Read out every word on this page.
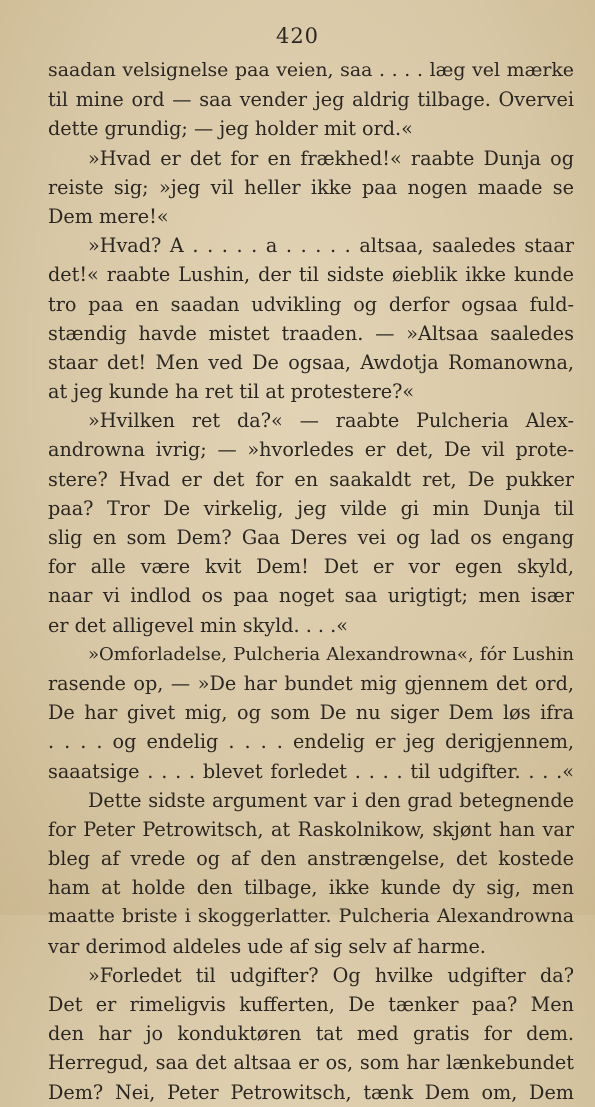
420
saadan velsignelse paa veien, saa . . . . læg vel mærke
til mine ord — saa vender jeg aldrig tilbage. Overvei
dette grundig; — jeg holder mit ord.«
»Hvad er det for en frækhed!« raabte Dunja og
reiste sig; »jeg vil heller ikke paa nogen maade se
Dem mere!«
»Hvad? A . . . . . a . . . . . altsaa, saaledes staar
det!« raabte Lushin, der til sidste øieblik ikke kunde
tro paa en saadan udvikling og derfor ogsaa fuld-
stændig havde mistet traaden. — »Altsaa saaledes
staar det! Men ved De ogsaa, Awdotja Romanowna,
at jeg kunde ha ret til at protestere?«
»Hvilken ret da?« — raabte Pulcheria Alex-
androwna ivrig; — »hvorledes er det, De vil prote-
stere? Hvad er det for en saakaldt ret, De pukker
paa? Tror De virkelig, jeg vilde gi min Dunja til
slig en som Dem? Gaa Deres vei og lad os engang
for alle være kvit Dem! Det er vor egen skyld,
naar vi indlod os paa noget saa urigtigt; men især
er det alligevel min skyld. . . .«
»Omforladelse, Pulcheria Alexandrowna«, fór Lushin
rasende op, — »De har bundet mig gjennem det ord,
De har givet mig, og som De nu siger Dem løs ifra
. . . . og endelig . . . . endelig er jeg derigjennem,
saaatsige . . . . blevet forledet . . . . til udgifter. . . .«
Dette sidste argument var i den grad betegnende
for Peter Petrowitsch, at Raskolnikow, skjønt han var
bleg af vrede og af den anstrængelse, det kostede
ham at holde den tilbage, ikke kunde dy sig, men
maatte briste i skoggerlatter. Pulcheria Alexandrowna
var derimod aldeles ude af sig selv af harme.
»Forledet til udgifter? Og hvilke udgifter da?
Det er rimeligvis kufferten, De tænker paa? Men
den har jo konduktøren tat med gratis for dem.
Herregud, saa det altsaa er os, som har lænkebundet
Dem? Nei, Peter Petrowitsch, tænk Dem om, Dem
